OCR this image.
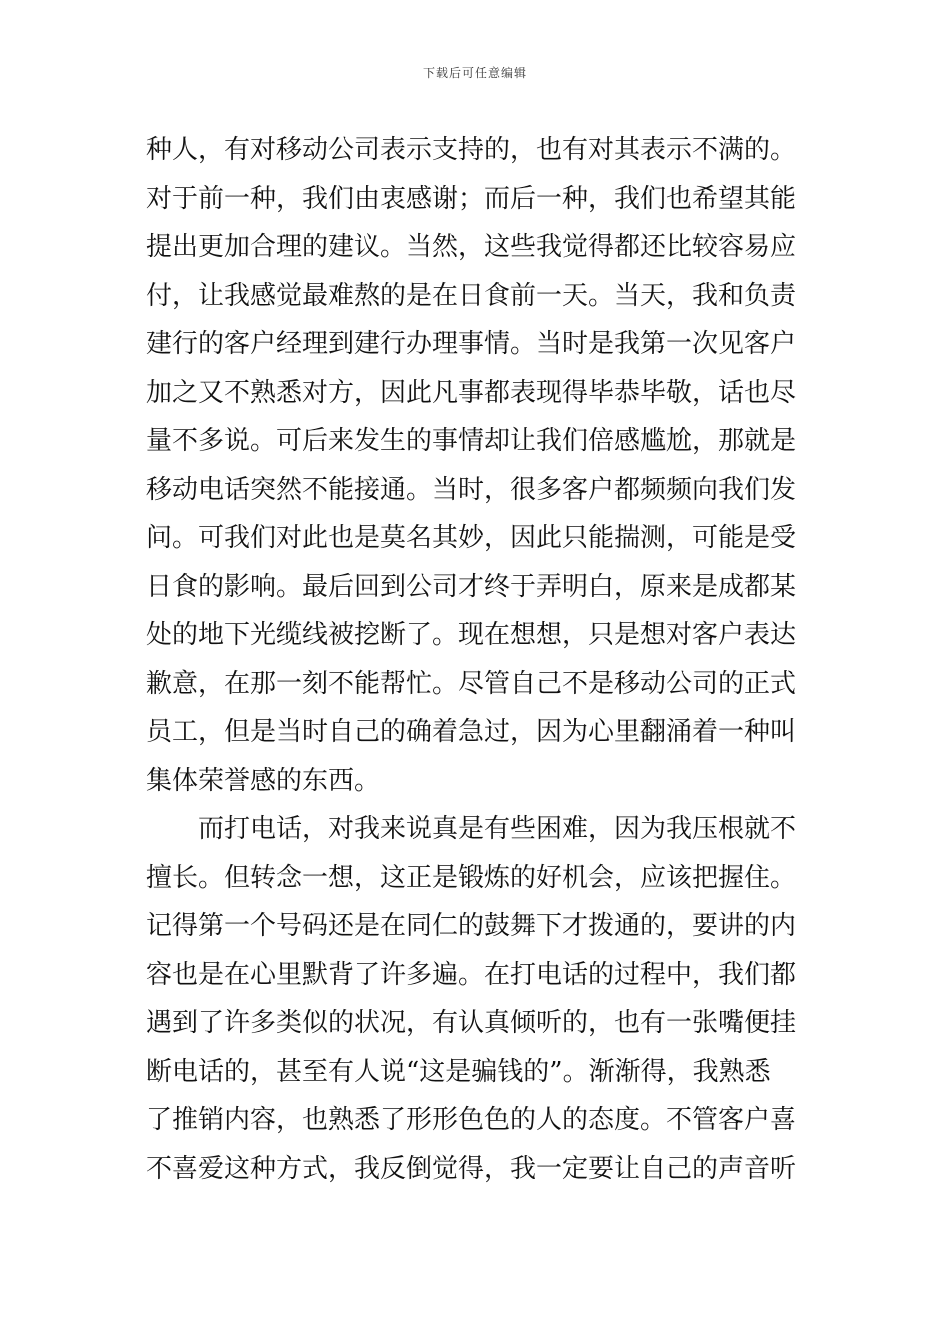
下载后可任意编辑
种人，有对移动公司表示支持的，也有对其表示不满的。
对于前一种，我们由衷感谢；而后一种，我们也希望其能
提出更加合理的建议。当然，这些我觉得都还比较容易应
付，让我感觉最难熬的是在日食前一天。当天，我和负责
建行的客户经理到建行办理事情。当时是我第一次见客户
加之又不熟悉对方，因此凡事都表现得毕恭毕敬，话也尽
量不多说。可后来发生的事情却让我们倍感尴尬，那就是
移动电话突然不能接通。当时，很多客户都频频向我们发
问。可我们对此也是莫名其妙，因此只能揣测，可能是受
日食的影响。最后回到公司才终于弄明白，原来是成都某
处的地下光缆线被挖断了。现在想想，只是想对客户表达
歉意，在那一刻不能帮忙。尽管自己不是移动公司的正式
员工，但是当时自己的确着急过，因为心里翻涌着一种叫
集体荣誉感的东西。
而打电话，对我来说真是有些困难，因为我压根就不
擅长。但转念一想，这正是锻炼的好机会，应该把握住。
记得第一个号码还是在同仁的鼓舞下才拨通的，要讲的内
容也是在心里默背了许多遍。在打电话的过程中，我们都
遇到了许多类似的状况，有认真倾听的，也有一张嘴便挂
断电话的，甚至有人说“这是骗钱的”。渐渐得，我熟悉
了推销内容，也熟悉了形形色色的人的态度。不管客户喜
不喜爱这种方式，我反倒觉得，我一定要让自己的声音听
